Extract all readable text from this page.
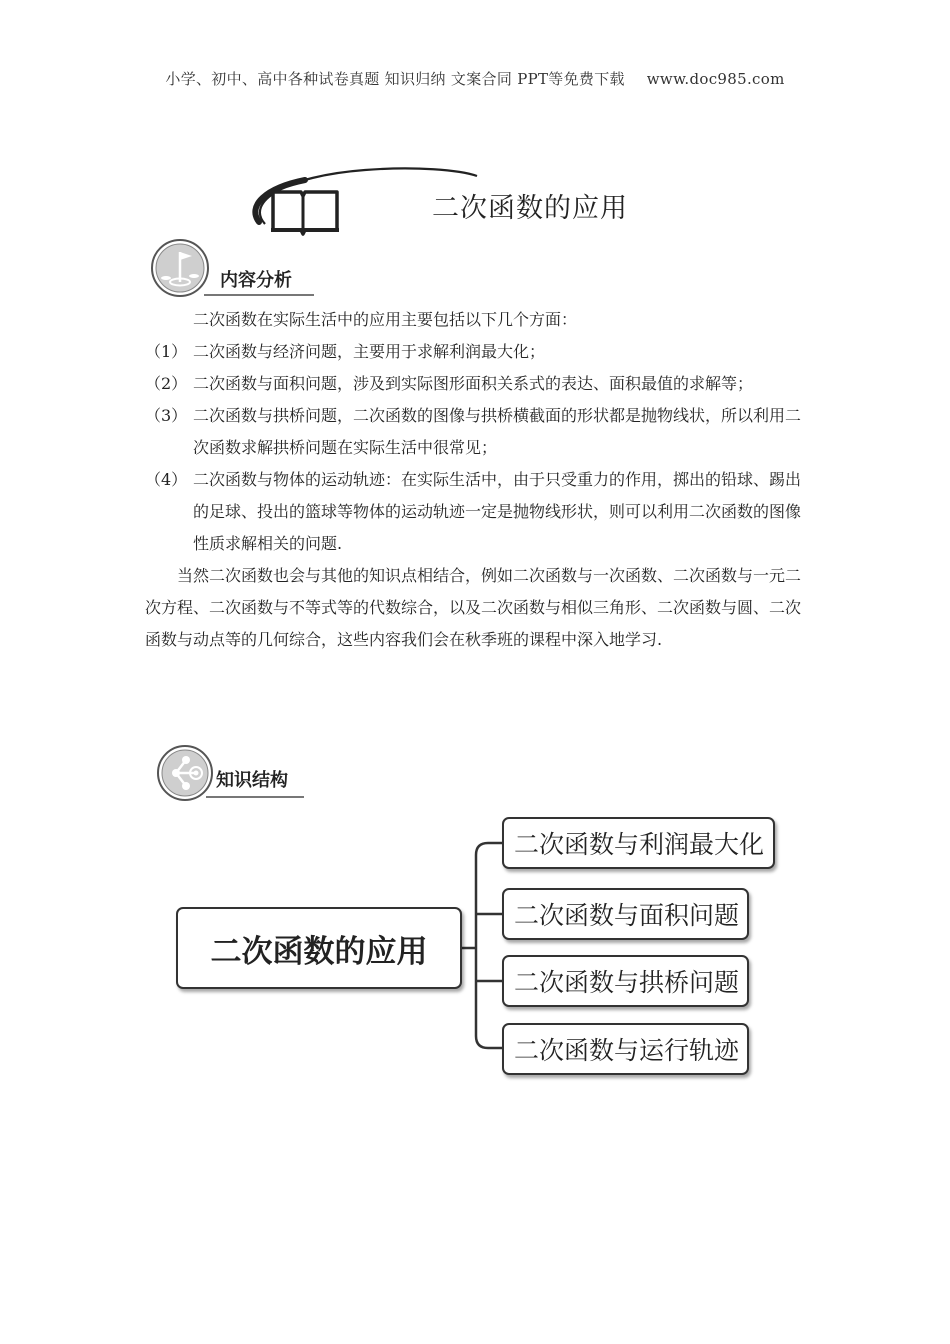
小学、初中、高中各种试卷真题 知识归纳 文案合同 PPT等免费下载 www.doc985.com
二次函数的应用
内容分析

二次函数在实际生活中的应用主要包括以下几个方面：

（1） 二次函数与经济问题，主要用于求解利润最大化；
（2） 二次函数与面积问题，涉及到实际图形面积关系式的表达、面积最值的求解等；
（3） 二次函数与拱桥问题，二次函数的图像与拱桥横截面的形状都是抛物线状，所以利用二次函数求解拱桥问题在实际生活中很常见；
（4） 二次函数与物体的运动轨迹：在实际生活中，由于只受重力的作用，掷出的铅球、踢出的足球、投出的篮球等物体的运动轨迹一定是抛物线形状，则可以利用二次函数的图像性质求解相关的问题.

当然二次函数也会与其他的知识点相结合，例如二次函数与一次函数、二次函数与一元二次方程、二次函数与不等式等的代数综合，以及二次函数与相似三角形、二次函数与圆、二次函数与动点等的几何综合，这些内容我们会在秋季班的课程中深入地学习.

知识结构
二次函数的应用
二次函数与利润最大化
二次函数与面积问题
二次函数与拱桥问题
二次函数与运行轨迹
